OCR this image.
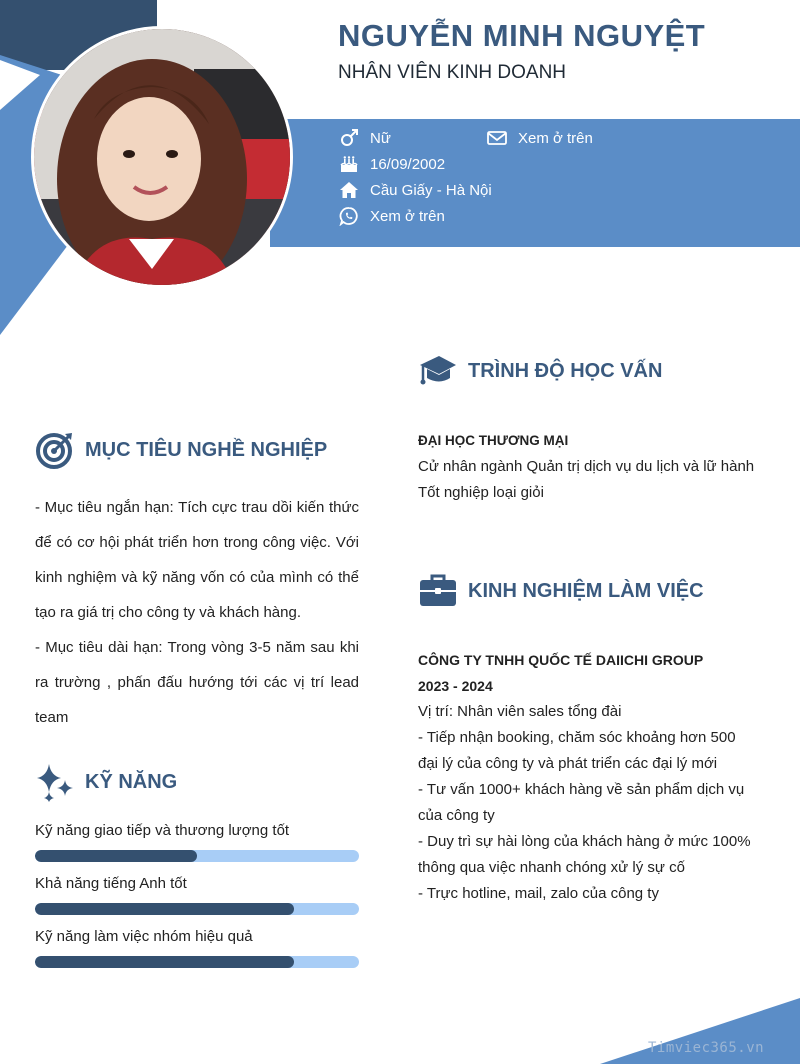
NGUYỄN MINH NGUYỆT
NHÂN VIÊN KINH DOANH
Nữ	Xem ở trên
16/09/2002
Cầu Giấy - Hà Nội
Xem ở trên
MỤC TIÊU NGHỀ NGHIỆP

- Mục tiêu ngắn hạn: Tích cực trau dồi kiến thức để có cơ hội phát triển hơn trong công việc. Với kinh nghiệm và kỹ năng vốn có của mình có thể tạo ra giá trị cho công ty và khách hàng.

- Mục tiêu dài hạn: Trong vòng 3-5 năm sau khi ra trường , phấn đấu hướng tới các vị trí lead team

KỸ NĂNG
Kỹ năng giao tiếp và thương lượng tốt
Khả năng tiếng Anh tốt
Kỹ năng làm việc nhóm hiệu quả
TRÌNH ĐỘ HỌC VẤN
ĐẠI HỌC THƯƠNG MẠI
Cử nhân ngành Quản trị dịch vụ du lịch và lữ hành
Tốt nghiệp loại giỏi
KINH NGHIỆM LÀM VIỆC
CÔNG TY TNHH QUỐC TẾ DAIICHI GROUP
2023 - 2024
Vị trí: Nhân viên sales tổng đài
- Tiếp nhận booking, chăm sóc khoảng hơn 500 đại lý của công ty và phát triển các đại lý mới
- Tư vấn 1000+ khách hàng về sản phẩm dịch vụ của công ty
- Duy trì sự hài lòng của khách hàng ở mức 100% thông qua việc nhanh chóng xử lý sự cố
- Trực hotline, mail, zalo của công ty
Timviec365.vn
